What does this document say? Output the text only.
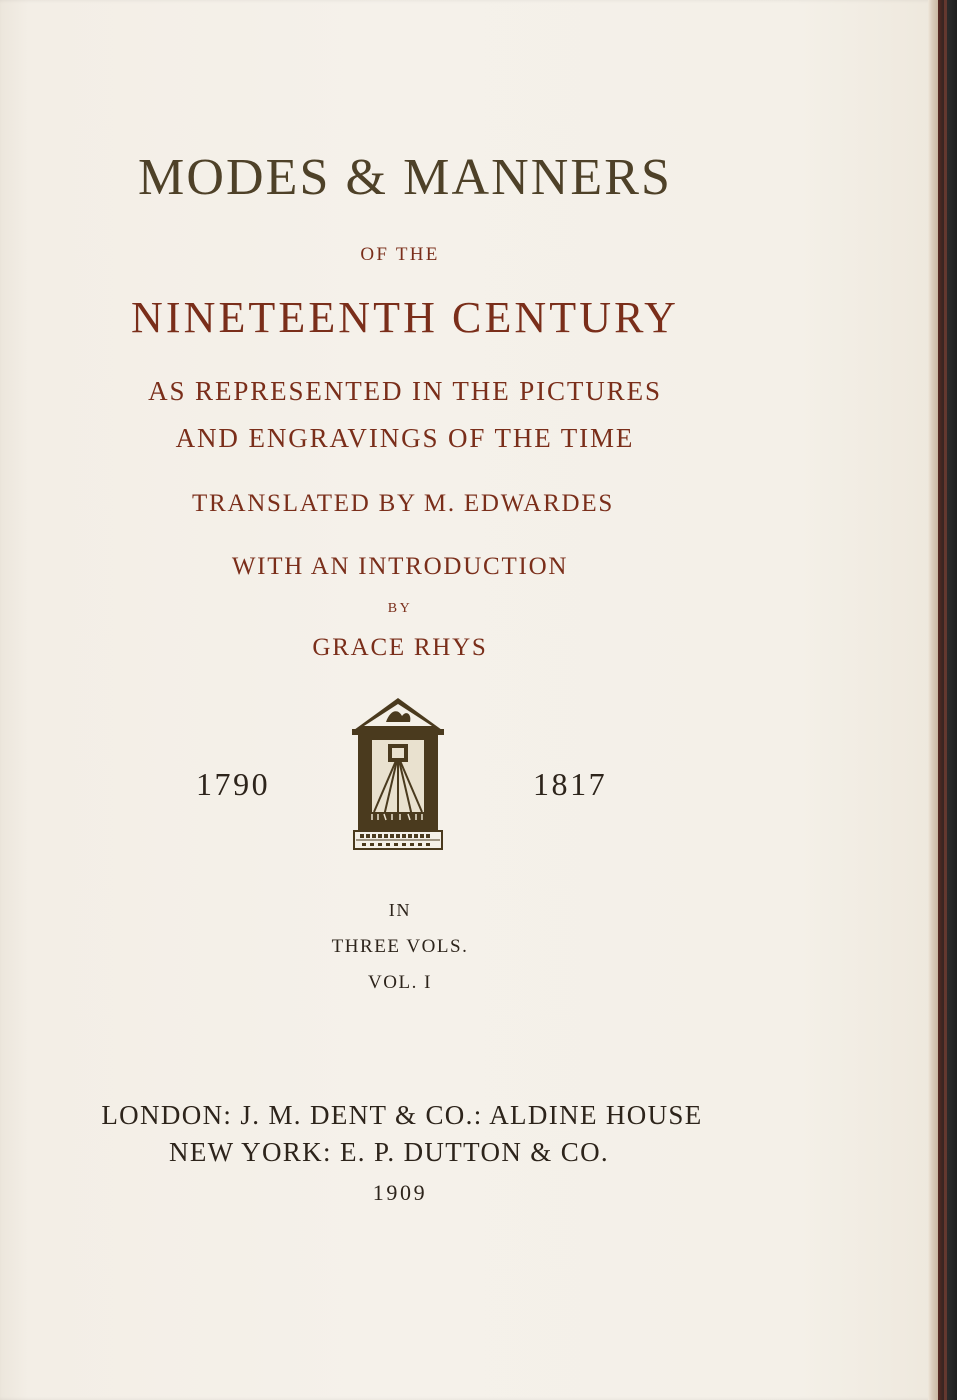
MODES & MANNERS
OF THE
NINETEENTH CENTURY
AS REPRESENTED IN THE PICTURES
AND ENGRAVINGS OF THE TIME
TRANSLATED BY M. EDWARDES
WITH AN INTRODUCTION
BY
GRACE RHYS
1790	1817
IN
THREE VOLS.
VOL. I
LONDON: J. M. DENT & CO.: ALDINE HOUSE
NEW YORK: E. P. DUTTON & CO.
1909
